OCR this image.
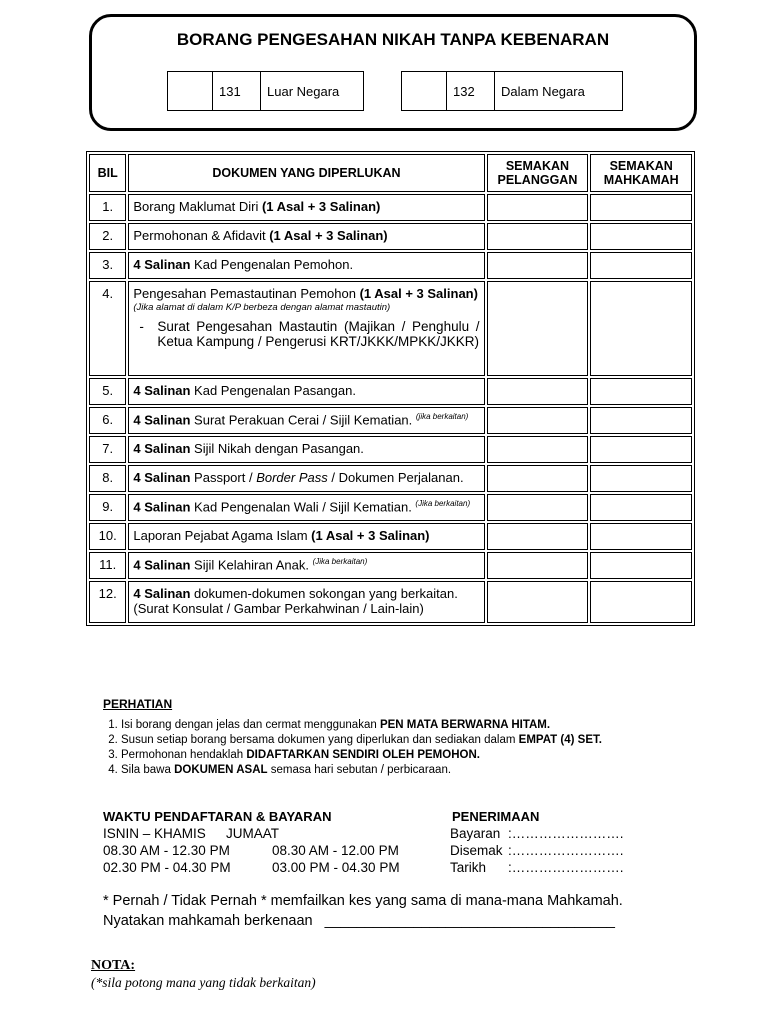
BORANG PENGESAHAN NIKAH TANPA KEBENARAN
131	Luar Negara	132	Dalam Negara
BIL	DOKUMEN YANG DIPERLUKAN	SEMAKAN PELANGGAN	SEMAKAN MAHKAMAH
1.	Borang Maklumat Diri (1 Asal + 3 Salinan)		
2.	Permohonan & Afidavit (1 Asal + 3 Salinan)		
3.	4 Salinan Kad Pengenalan Pemohon.		
4.	Pengesahan Pemastautinan Pemohon (1 Asal + 3 Salinan)
(Jika alamat di dalam K/P berbeza dengan alamat mastautin)
- Surat Pengesahan Mastautin (Majikan / Penghulu / Ketua Kampung / Pengerusi KRT/JKKK/MPKK/JKKR)		

5.	4 Salinan Kad Pengenalan Pasangan.		
6.	4 Salinan Surat Perakuan Cerai / Sijil Kematian. $^{(jika berkaitan)}$		
7.	4 Salinan Sijil Nikah dengan Pasangan.		
8.	4 Salinan Passport / Border Pass / Dokumen Perjalanan.		
9.	4 Salinan Kad Pengenalan Wali / Sijil Kematian. $^{(Jika berkaitan)}$		
10.	Laporan Pejabat Agama Islam (1 Asal + 3 Salinan)		
11.	4 Salinan Sijil Kelahiran Anak. $^{(Jika berkaitan)}$		
12.	4 Salinan dokumen-dokumen sokongan yang berkaitan.
(Surat Konsulat / Gambar Perkahwinan / Lain-lain)		
PERHATIAN
1. Isi borang dengan jelas dan cermat menggunakan PEN MATA BERWARNA HITAM.
2. Susun setiap borang bersama dokumen yang diperlukan dan sediakan dalam EMPAT (4) SET.
3. Permohonan hendaklah DIDAFTARKAN SENDIRI OLEH PEMOHON.
4. Sila bawa DOKUMEN ASAL semasa hari sebutan / perbicaraan.
WAKTU PENDAFTARAN & BAYARAN
ISNIN – KHAMIS JUMAAT
08.30 AM - 12.30 PM	08.30 AM - 12.00 PM
02.30 PM - 04.30 PM	03.00 PM - 04.30 PM
PENERIMAAN
Bayaran :…………………….
Disemak :…………………….
Tarikh :…………………….
* Pernah / Tidak Pernah * memfailkan kes yang sama di mana-mana Mahkamah.
Nyatakan mahkamah berkenaan ____________________________________
NOTA:
(*sila potong mana yang tidak berkaitan)
